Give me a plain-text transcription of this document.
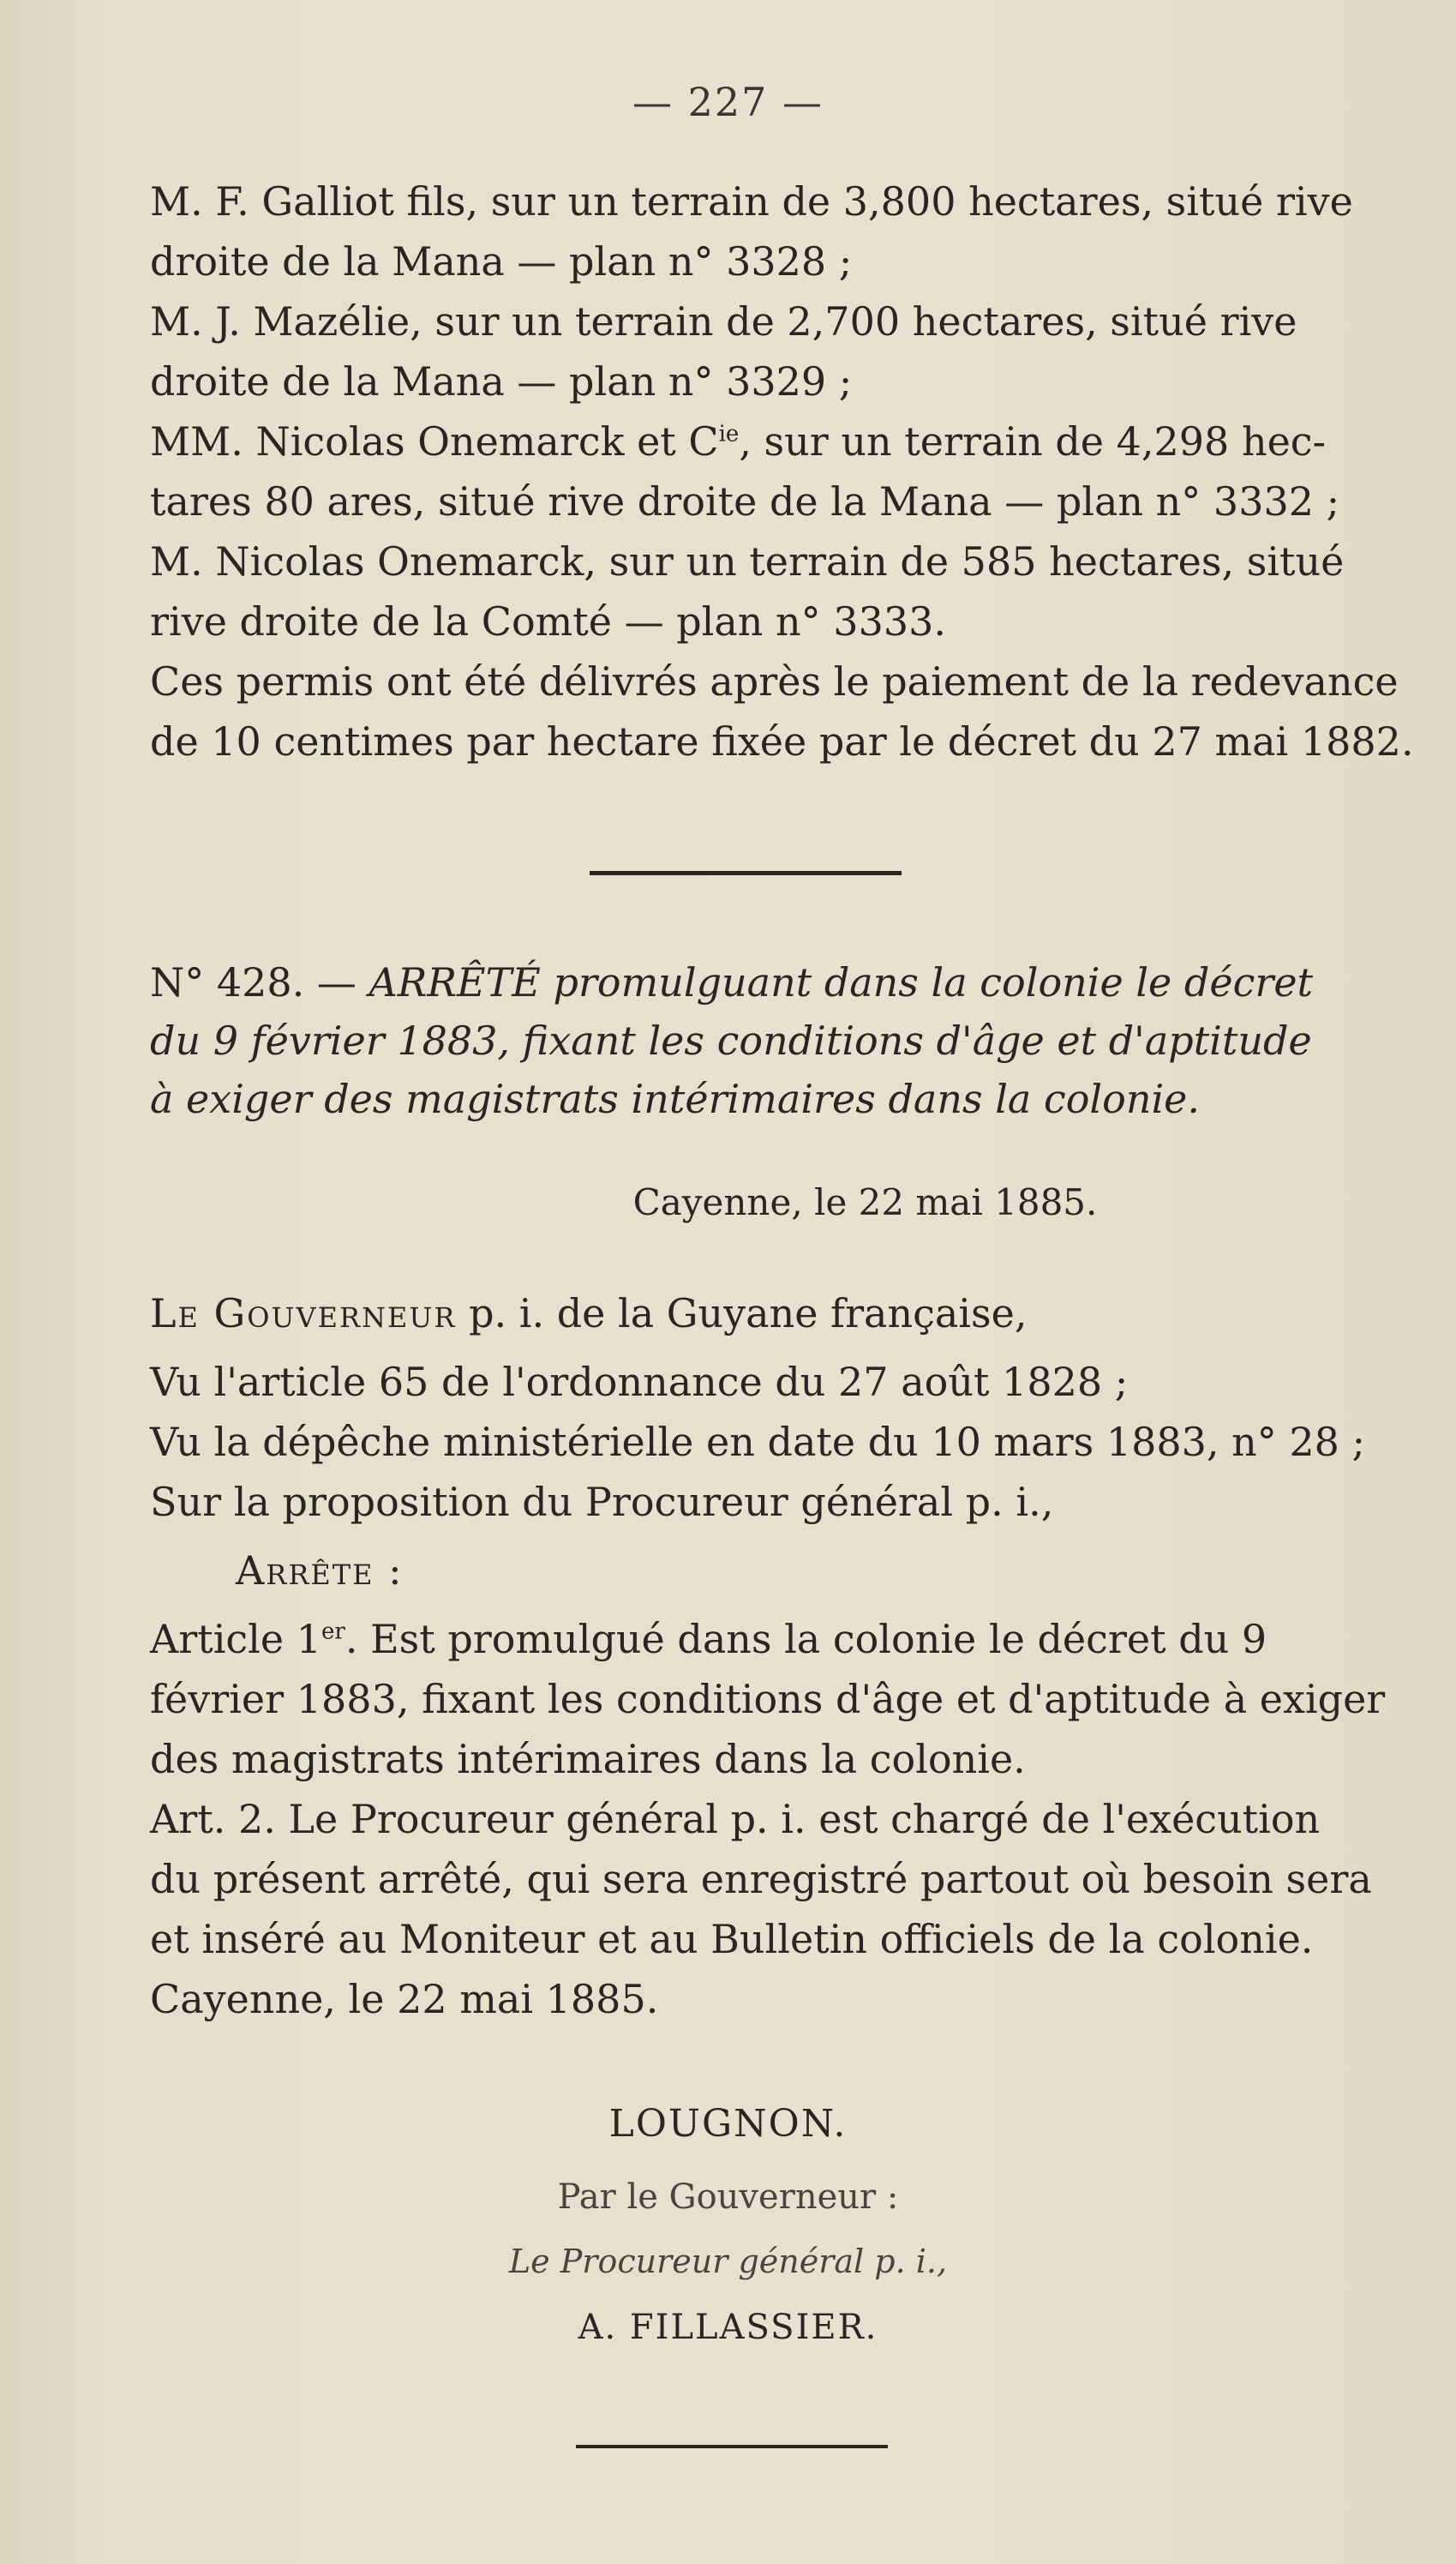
— 227 —
M. F. Galliot fils, sur un terrain de 3,800 hectares, situé rive
droite de la Mana — plan n° 3328 ;
M. J. Mazélie, sur un terrain de 2,700 hectares, situé rive
droite de la Mana — plan n° 3329 ;
MM. Nicolas Onemarck et $C^{ie}$, sur un terrain de 4,298 hec-
tares 80 ares, situé rive droite de la Mana — plan n° 3332 ;
M. Nicolas Onemarck, sur un terrain de 585 hectares, situé
rive droite de la Comté — plan n° 3333.
Ces permis ont été délivrés après le paiement de la redevance
de 10 centimes par hectare fixée par le décret du 27 mai 1882.
N° 428. — ARRÊTÉ promulguant dans la colonie le décret
du 9 février 1883, fixant les conditions d'âge et d'aptitude
à exiger des magistrats intérimaires dans la colonie.
Cayenne, le 22 mai 1885.
Le Gouverneur p. i. de la Guyane française,
Vu l'article 65 de l'ordonnance du 27 août 1828 ;
Vu la dépêche ministérielle en date du 10 mars 1883, n° 28 ;
Sur la proposition du Procureur général p. i.,
Arrête :
Article 1er. Est promulgué dans la colonie le décret du 9
février 1883, fixant les conditions d'âge et d'aptitude à exiger
des magistrats intérimaires dans la colonie.
Art. 2. Le Procureur général p. i. est chargé de l'exécution
du présent arrêté, qui sera enregistré partout où besoin sera
et inséré au Moniteur et au Bulletin officiels de la colonie.
Cayenne, le 22 mai 1885.
LOUGNON.
Par le Gouverneur :
Le Procureur général p. i.,
A. FILLASSIER.
